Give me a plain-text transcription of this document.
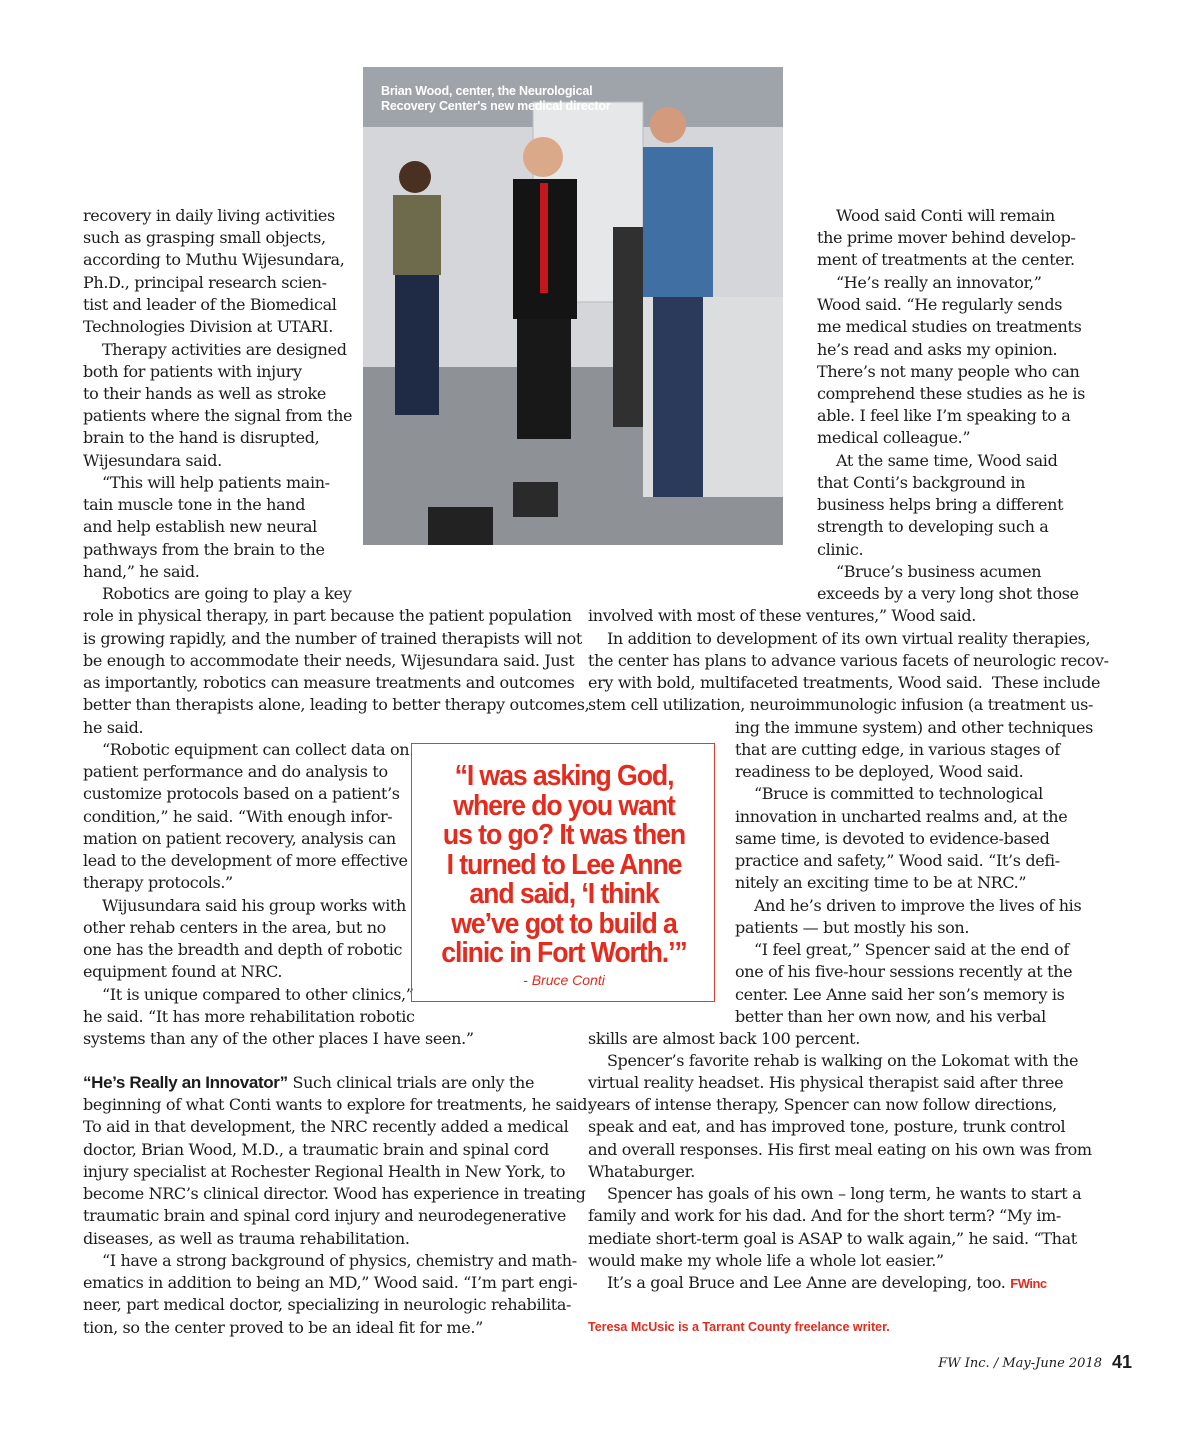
Brian Wood, center, the Neurological
Recovery Center's new medical director
recovery in daily living activities
such as grasping small objects,
according to Muthu Wijesundara,
Ph.D., principal research scien-
tist and leader of the Biomedical
Technologies Division at UTARI.
Therapy activities are designed
both for patients with injury
to their hands as well as stroke
patients where the signal from the
brain to the hand is disrupted,
Wijesundara said.
“This will help patients main-
tain muscle tone in the hand
and help establish new neural
pathways from the brain to the
hand,” he said.
Robotics are going to play a key
role in physical therapy, in part because the patient population
is growing rapidly, and the number of trained therapists will not
be enough to accommodate their needs, Wijesundara said. Just
as importantly, robotics can measure treatments and outcomes
better than therapists alone, leading to better therapy outcomes,
he said.
“Robotic equipment can collect data on
patient performance and do analysis to
customize protocols based on a patient’s
condition,” he said. “With enough infor-
mation on patient recovery, analysis can
lead to the development of more effective
therapy protocols.”
Wijusundara said his group works with
other rehab centers in the area, but no
one has the breadth and depth of robotic
equipment found at NRC.
“It is unique compared to other clinics,”
he said. “It has more rehabilitation robotic
systems than any of the other places I have seen.”
“He’s Really an Innovator” Such clinical trials are only the
beginning of what Conti wants to explore for treatments, he said.
To aid in that development, the NRC recently added a medical
doctor, Brian Wood, M.D., a traumatic brain and spinal cord
injury specialist at Rochester Regional Health in New York, to
become NRC’s clinical director. Wood has experience in treating
traumatic brain and spinal cord injury and neurodegenerative
diseases, as well as trauma rehabilitation.
“I have a strong background of physics, chemistry and math-
ematics in addition to being an MD,” Wood said. “I’m part engi-
neer, part medical doctor, specializing in neurologic rehabilita-
tion, so the center proved to be an ideal fit for me.”
Wood said Conti will remain
the prime mover behind develop-
ment of treatments at the center.
“He’s really an innovator,”
Wood said. “He regularly sends
me medical studies on treatments
he’s read and asks my opinion.
There’s not many people who can
comprehend these studies as he is
able. I feel like I’m speaking to a
medical colleague.”
At the same time, Wood said
that Conti’s background in
business helps bring a different
strength to developing such a
clinic.
“Bruce’s business acumen
exceeds by a very long shot those
involved with most of these ventures,” Wood said.
In addition to development of its own virtual reality therapies,
the center has plans to advance various facets of neurologic recov-
ery with bold, multifaceted treatments, Wood said.  These include
stem cell utilization, neuroimmunologic infusion (a treatment us-
ing the immune system) and other techniques
that are cutting edge, in various stages of
readiness to be deployed, Wood said.
“Bruce is committed to technological
innovation in uncharted realms and, at the
same time, is devoted to evidence-based
practice and safety,” Wood said. “It’s defi-
nitely an exciting time to be at NRC.”
And he’s driven to improve the lives of his
patients — but mostly his son.
“I feel great,” Spencer said at the end of
one of his five-hour sessions recently at the
center. Lee Anne said her son’s memory is
better than her own now, and his verbal
skills are almost back 100 percent.
Spencer’s favorite rehab is walking on the Lokomat with the
virtual reality headset. His physical therapist said after three
years of intense therapy, Spencer can now follow directions,
speak and eat, and has improved tone, posture, trunk control
and overall responses. His first meal eating on his own was from
Whataburger.
Spencer has goals of his own – long term, he wants to start a
family and work for his dad. And for the short term? “My im-
mediate short-term goal is ASAP to walk again,” he said. “That
would make my whole life a whole lot easier.”
It’s a goal Bruce and Lee Anne are developing, too. FWinc
“I was asking God,
where do you want
us to go? It was then
I turned to Lee Anne
and said, ‘I think
we’ve got to build a
clinic in Fort Worth.’”
- Bruce Conti
Teresa McUsic is a Tarrant County freelance writer.
FW Inc. / May-June 2018 41
